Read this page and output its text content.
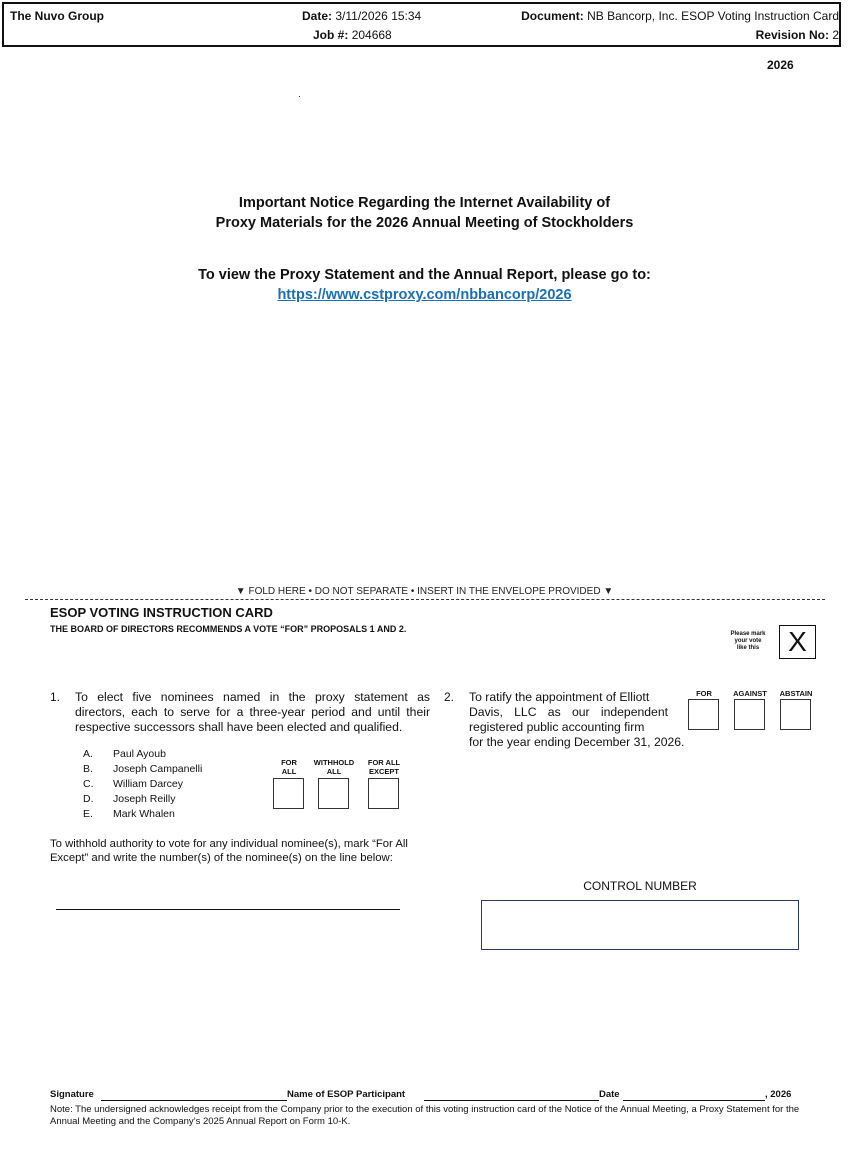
The Nuvo Group	Date: 3/11/2026 15:34
Job #: 204668
Document: NB Bancorp, Inc. ESOP Voting Instruction Card
Revision No: 2
2026
Important Notice Regarding the Internet Availability of
Proxy Materials for the 2026 Annual Meeting of Stockholders
To view the Proxy Statement and the Annual Report, please go to:
https://www.cstproxy.com/nbbancorp/2026
▼ FOLD HERE • DO NOT SEPARATE • INSERT IN THE ENVELOPE PROVIDED ▼
ESOP VOTING INSTRUCTION CARD
THE BOARD OF DIRECTORS RECOMMENDS A VOTE “FOR” PROPOSALS 1 AND 2.	Please mark
your vote
like this	X
1. To elect five nominees named in the proxy statement as
directors, each to serve for a three-year period and until their
respective successors shall have been elected and qualified.
A. Paul Ayoub
B. Joseph Campanelli
C. William Darcey
D. Joseph Reilly
E. Mark Whalen
FOR
ALL
WITHHOLD
ALL
FOR ALL
EXCEPT
2. To ratify the appointment of Elliott
Davis, LLC as our independent
registered public accounting firm
for the year ending December 31, 2026.
FOR	AGAINST	ABSTAIN
To withhold authority to vote for any individual nominee(s), mark “For All Except” and write the number(s) of the nominee(s) on the line below:
CONTROL NUMBER
Signature	Name of ESOP Participant	Date	, 2026
Note: The undersigned acknowledges receipt from the Company prior to the execution of this voting instruction card of the Notice of the Annual Meeting, a Proxy Statement for the Annual Meeting and the Company’s 2025 Annual Report on Form 10-K.
